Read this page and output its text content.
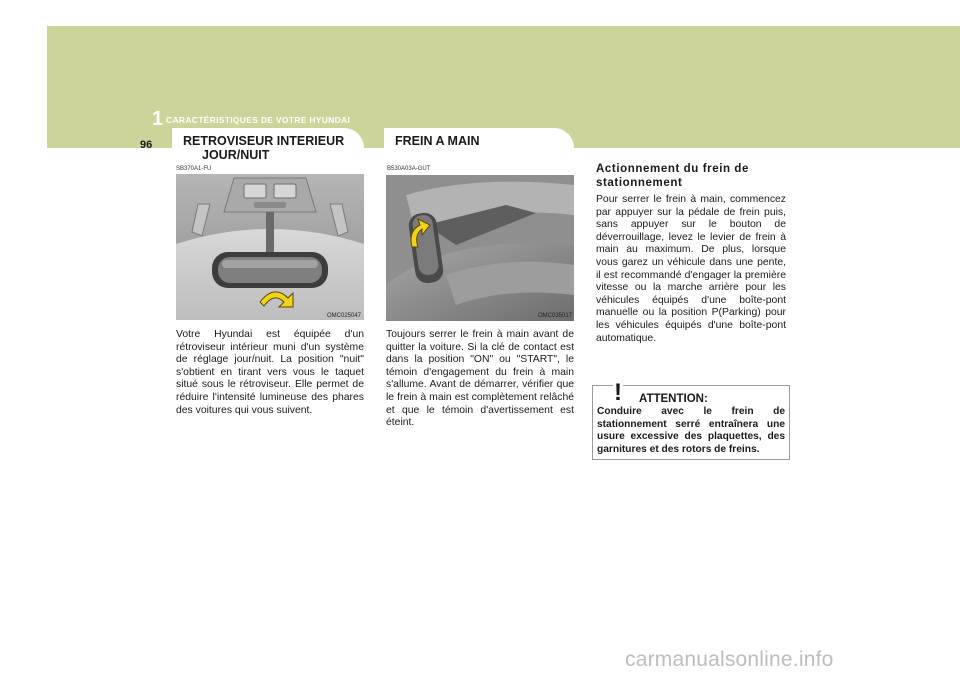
1 CARACTÉRISTIQUES DE VOTRE HYUNDAI
96 RETROVISEUR INTERIEUR
JOUR/NUIT
SB370A1-FU
OMC025047
Votre Hyundai est équipée d'un rétroviseur intérieur muni d'un système de réglage jour/nuit. La position "nuit" s'obtient en tirant vers vous le taquet situé sous le rétroviseur. Elle permet de réduire l'intensité lumineuse des phares des voitures qui vous suivent.
FREIN A MAIN
B530A03A-GUT
OMC035017
Toujours serrer le frein à main avant de quitter la voiture. Si la clé de contact est dans la position "ON" ou "START", le témoin d'engagement du frein à main s'allume. Avant de démarrer, vérifier que le frein à main est complètement relâché et que le témoin d'avertissement est éteint.
Actionnement du frein de stationnement
Pour serrer le frein à main, commencez par appuyer sur la pédale de frein puis, sans appuyer sur le bouton de déverrouillage, levez le levier de frein à main au maximum. De plus, lorsque vous garez un véhicule dans une pente, il est recommandé d'engager la première vitesse ou la marche arrière pour les véhicules équipés d'une boîte-pont manuelle ou la position P(Parking) pour les véhicules équipés d'une boîte-pont automatique.
! ATTENTION:
Conduire avec le frein de stationnement serré entraînera une usure excessive des plaquettes, des garnitures et des rotors de freins.
carmanualsonline.info
